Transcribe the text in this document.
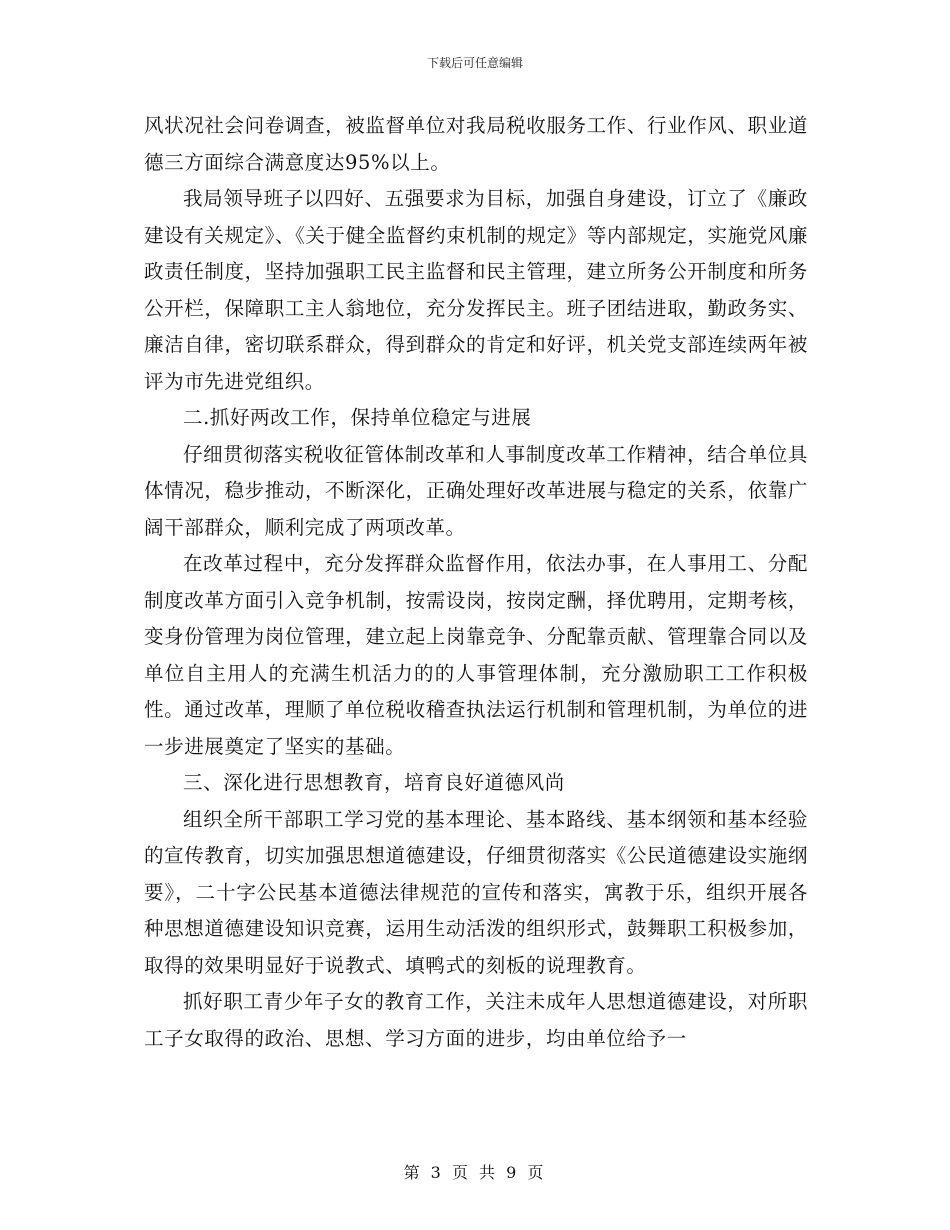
下载后可任意编辑

风状况社会问卷调查，被监督单位对我局税收服务工作、行业作风、职业道德三方面综合满意度达95%以上。

我局领导班子以四好、五强要求为目标，加强自身建设，订立了《廉政建设有关规定》、《关于健全监督约束机制的规定》等内部规定，实施党风廉政责任制度，坚持加强职工民主监督和民主管理，建立所务公开制度和所务公开栏，保障职工主人翁地位，充分发挥民主。班子团结进取，勤政务实、廉洁自律，密切联系群众，得到群众的肯定和好评，机关党支部连续两年被评为市先进党组织。

二.抓好两改工作，保持单位稳定与进展

仔细贯彻落实税收征管体制改革和人事制度改革工作精神，结合单位具体情况，稳步推动，不断深化，正确处理好改革进展与稳定的关系，依靠广阔干部群众，顺利完成了两项改革。

在改革过程中，充分发挥群众监督作用，依法办事，在人事用工、分配制度改革方面引入竞争机制，按需设岗，按岗定酬，择优聘用，定期考核，变身份管理为岗位管理，建立起上岗靠竞争、分配靠贡献、管理靠合同以及单位自主用人的充满生机活力的的人事管理体制，充分激励职工工作积极性。通过改革，理顺了单位税收稽查执法运行机制和管理机制，为单位的进一步进展奠定了坚实的基础。

三、深化进行思想教育，培育良好道德风尚

组织全所干部职工学习党的基本理论、基本路线、基本纲领和基本经验的宣传教育，切实加强思想道德建设，仔细贯彻落实《公民道德建设实施纲要》，二十字公民基本道德法律规范的宣传和落实，寓教于乐，组织开展各种思想道德建设知识竞赛，运用生动活泼的组织形式，鼓舞职工积极参加，取得的效果明显好于说教式、填鸭式的刻板的说理教育。

抓好职工青少年子女的教育工作，关注未成年人思想道德建设，对所职工子女取得的政治、思想、学习方面的进步，均由单位给予一

第 3 页 共 9 页
